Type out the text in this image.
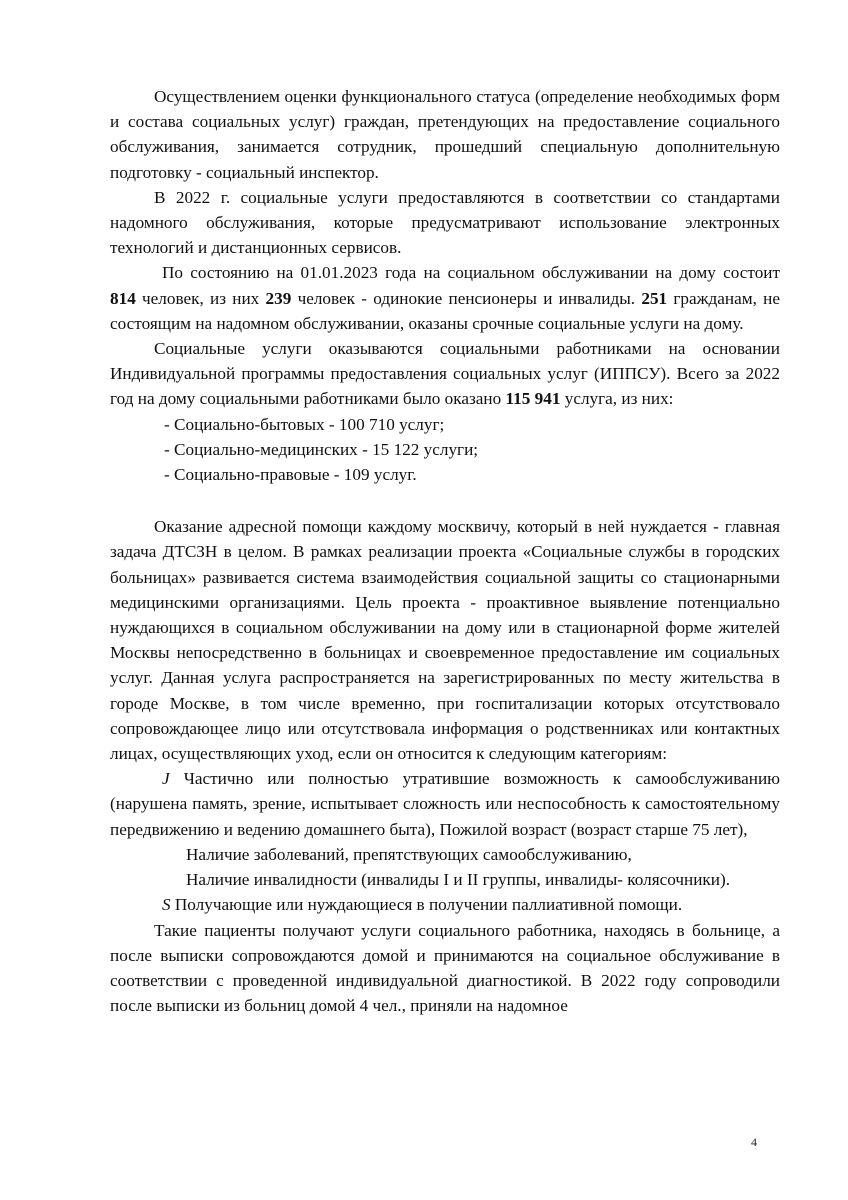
Осуществлением оценки функционального статуса (определение необходимых форм и состава социальных услуг) граждан, претендующих на предоставление социального обслуживания, занимается сотрудник, прошедший специальную дополнительную подготовку - социальный инспектор.

В 2022 г. социальные услуги предоставляются в соответствии со стандартами надомного обслуживания, которые предусматривают использование электронных технологий и дистанционных сервисов.

По состоянию на 01.01.2023 года на социальном обслуживании на дому состоит 814 человек, из них 239 человек - одинокие пенсионеры и инвалиды. 251 гражданам, не состоящим на надомном обслуживании, оказаны срочные социальные услуги на дому.

Социальные услуги оказываются социальными работниками на основании Индивидуальной программы предоставления социальных услуг (ИППСУ). Всего за 2022 год на дому социальными работниками было оказано 115 941 услуга, из них:

- Социально-бытовых - 100 710 услуг;

- Социально-медицинских - 15 122 услуги;

- Социально-правовые - 109 услуг.

Оказание адресной помощи каждому москвичу, который в ней нуждается - главная задача ДТСЗН в целом. В рамках реализации проекта «Социальные службы в городских больницах» развивается система взаимодействия социальной защиты со стационарными медицинскими организациями. Цель проекта - проактивное выявление потенциально нуждающихся в социальном обслуживании на дому или в стационарной форме жителей Москвы непосредственно в больницах и своевременное предоставление им социальных услуг. Данная услуга распространяется на зарегистрированных по месту жительства в городе Москве, в том числе временно, при госпитализации которых отсутствовало сопровождающее лицо или отсутствовала информация о родственниках или контактных лицах, осуществляющих уход, если он относится к следующим категориям:

J Частично или полностью утратившие возможность к самообслуживанию (нарушена память, зрение, испытывает сложность или неспособность к самостоятельному передвижению и ведению домашнего быта), Пожилой возраст (возраст старше 75 лет),

Наличие заболеваний, препятствующих самообслуживанию,

Наличие инвалидности (инвалиды I и II группы, инвалиды- колясочники).

S Получающие или нуждающиеся в получении паллиативной помощи.

Такие пациенты получают услуги социального работника, находясь в больнице, а после выписки сопровождаются домой и принимаются на социальное обслуживание в соответствии с проведенной индивидуальной диагностикой. В 2022 году сопроводили после выписки из больниц домой 4 чел., приняли на надомное

4
